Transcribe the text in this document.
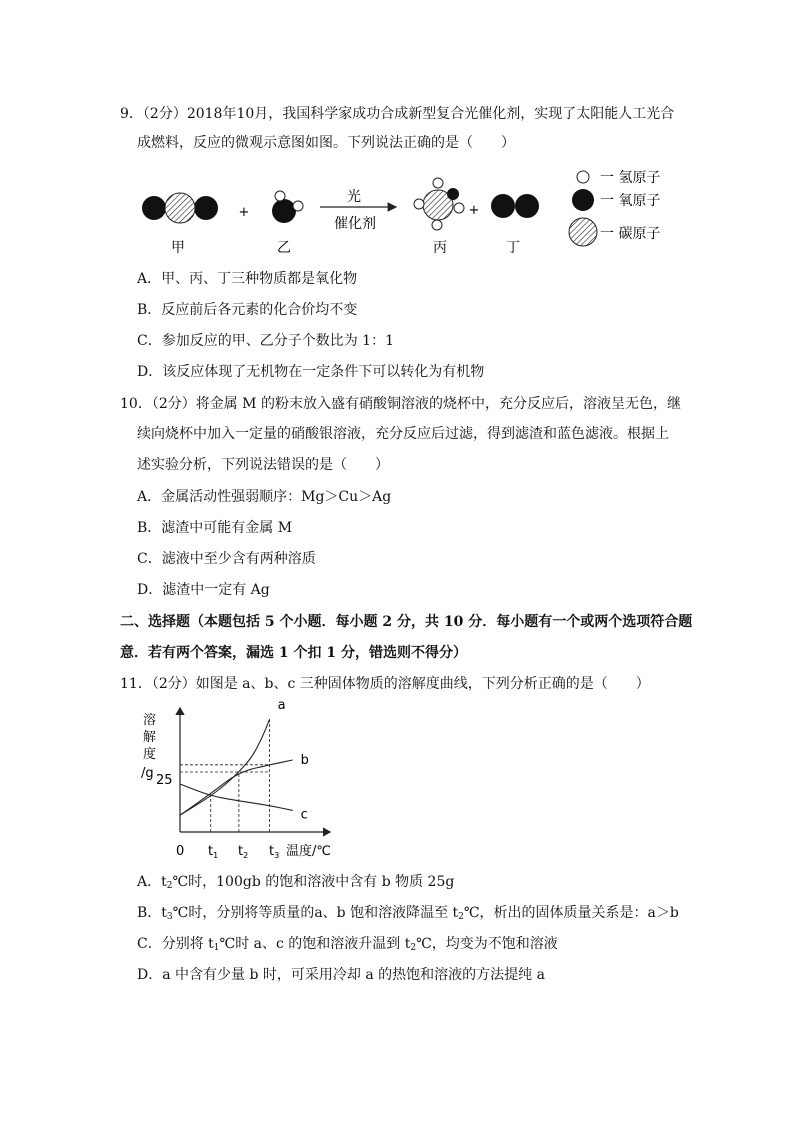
9．（2分）2018年10月，我国科学家成功合成新型复合光催化剂，实现了太阳能人工光合
成燃料，反应的微观示意图如图。下列说法正确的是（　　）
甲
+
乙
光
催化剂
丙
+
丁
一 氢原子
一 氧原子
一 碳原子
A．甲、丙、丁三种物质都是氧化物
B．反应前后各元素的化合价均不变
C．参加反应的甲、乙分子个数比为 1：1
D．该反应体现了无机物在一定条件下可以转化为有机物
10．（2分）将金属 M 的粉末放入盛有硝酸铜溶液的烧杯中，充分反应后，溶液呈无色，继
续向烧杯中加入一定量的硝酸银溶液，充分反应后过滤，得到滤渣和蓝色滤液。根据上
述实验分析，下列说法错误的是（　　）
A．金属活动性强弱顺序：Mg＞Cu＞Ag
B．滤渣中可能有金属 M
C．滤液中至少含有两种溶质
D．滤渣中一定有 Ag
二、选择题（本题包括 5 个小题．每小题 2 分，共 10 分．每小题有一个或两个选项符合题
意．若有两个答案，漏选 1 个扣 1 分，错选则不得分）
11．（2分）如图是 a、b、c 三种固体物质的溶解度曲线，下列分析正确的是（　　）
溶
解
度
/g 25
0	温度/℃
$t_1$ $t_2$ $t_3$
a
b
c
A．$t_2℃$时，100gb 的饱和溶液中含有 b 物质 25g
B．$t_3℃$时，分别将等质量的a、b 饱和溶液降温至 $t_2℃$，析出的固体质量关系是：a＞b
C．分别将 $t_1℃$时 a、c 的饱和溶液升温到 $t_2℃$，均变为不饱和溶液
D．a 中含有少量 b 时，可采用冷却 a 的热饱和溶液的方法提纯 a
